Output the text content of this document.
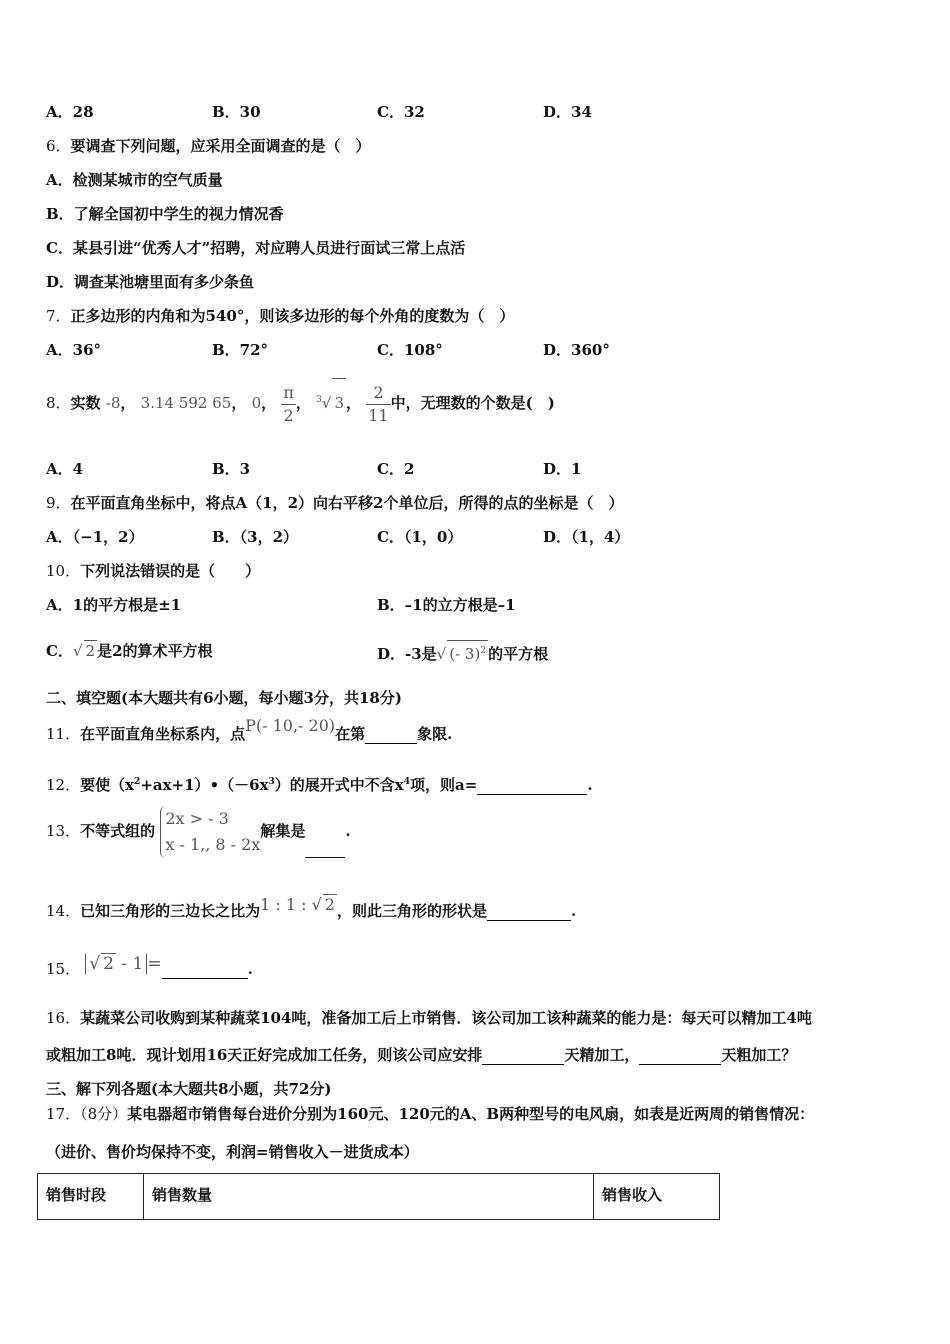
A．28	B．30	C．32	D．34
6．要调查下列问题，应采用全面调查的是（　）
A．检测某城市的空气质量
B．了解全国初中学生的视力情况香
C．某县引进“优秀人才”招聘，对应聘人员进行面试三常上点活
D．调查某池塘里面有多少条鱼
7．正多边形的内角和为540°，则该多边形的每个外角的度数为（　）
A．36°	B．72°	C．108°	D．360°
8．实数 -8， 3.14 592 65， 0， $\frac{\pi}{2}$ ， $^3$√ 3 ， $\frac{2}{11}$ 中，无理数的个数是(　)
A．4	B．3	C．2	D．1
9．在平面直角坐标中，将点A（1，2）向右平移2个单位后，所得的点的坐标是（　）
A．（−1，2）	B．（3，2）	C．（1，0）	D．（1，4）
10．下列说法错误的是（　　）
A．1的平方根是±1	B．–1的立方根是–1
C．√ 2 是2的算术平方根	D．-3是√ (- 3)$^2$ 的平方根
二、填空题(本大题共有6小题，每小题3分，共18分)
11．在平面直角坐标系内，点P(- 10,- 20)在第	象限.
12．要使$(x^2+ax+1)•(-6x^3)$的展开式中不含$x^4$项，则a=	.
13．不等式组的
2x > - 3
x - 1,, 8 - 2x
解集是	.
14．已知三角形的三边长之比为1 : 1 : √ 2 ，则此三角形的形状是	.
15． √ 2 - 1 =	.
16．某蔬菜公司收购到某种蔬菜104吨，准备加工后上市销售．该公司加工该种蔬菜的能力是：每天可以精加工4吨
或粗加工8吨．现计划用16天正好完成加工任务，则该公司应安排	天精加工，	天粗加工？
三、解下列各题(本大题共8小题，共72分)
17．（8分）某电器超市销售每台进价分别为160元、120元的A、B两种型号的电风扇，如表是近两周的销售情况：
（进价、售价均保持不变，利润=销售收入－进货成本）
销售时段	销售数量	销售收入
